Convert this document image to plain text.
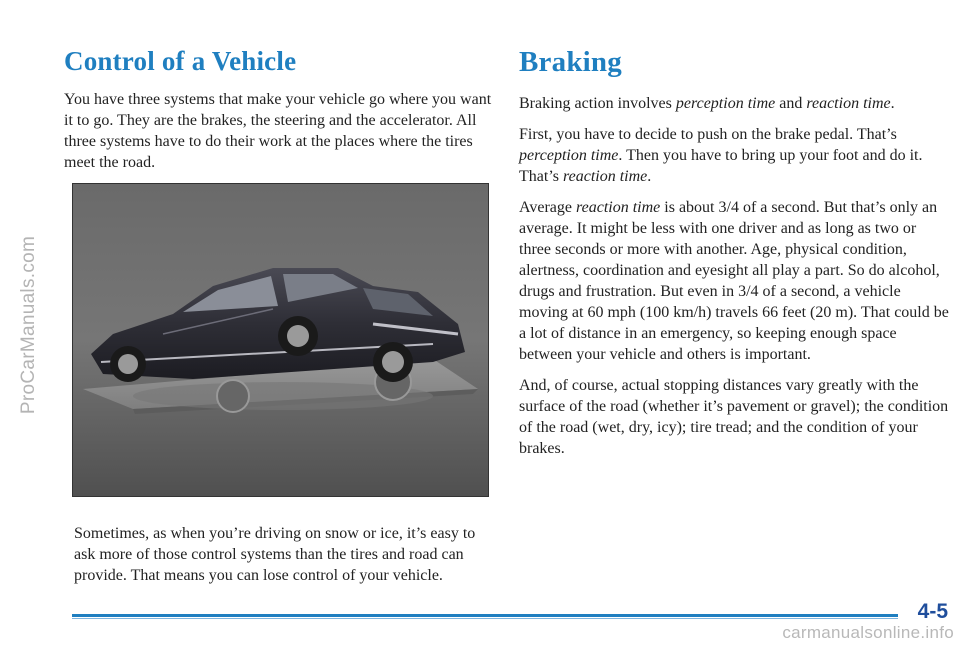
ProCarManuals.com
Control of a Vehicle

You have three systems that make your vehicle go where you want it to go. They are the brakes, the steering and the accelerator. All three systems have to do their work at the places where the tires meet the road.

Sometimes, as when you’re driving on snow or ice, it’s easy to ask more of those control systems than the tires and road can provide. That means you can lose control of your vehicle.

Braking

Braking action involves perception time and reaction time.

First, you have to decide to push on the brake pedal. That’s perception time. Then you have to bring up your foot and do it. That’s reaction time.

Average reaction time is about 3/4 of a second. But that’s only an average. It might be less with one driver and as long as two or three seconds or more with another. Age, physical condition, alertness, coordination and eyesight all play a part. So do alcohol, drugs and frustration. But even in 3/4 of a second, a vehicle moving at 60 mph (100 km/h) travels 66 feet (20 m). That could be a lot of distance in an emergency, so keeping enough space between your vehicle and others is important.

And, of course, actual stopping distances vary greatly with the surface of the road (whether it’s pavement or gravel); the condition of the road (wet, dry, icy); tire tread; and the condition of your brakes.

4-5
carmanualsonline.info
